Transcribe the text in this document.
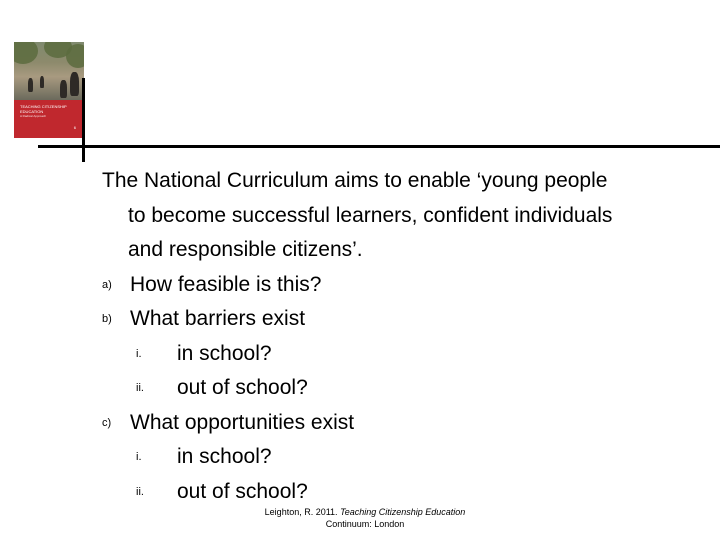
TEACHING CITIZENSHIP
EDUCATION
A Radical Approach
6
The National Curriculum aims to enable ‘young people
to become successful learners, confident individuals
and responsible citizens’.
a) How feasible is this?
b) What barriers exist
i. in school?
ii. out of school?
c) What opportunities exist
i. in school?
ii. out of school?
Leighton, R. 2011. Teaching Citizenship Education
Continuum: London
